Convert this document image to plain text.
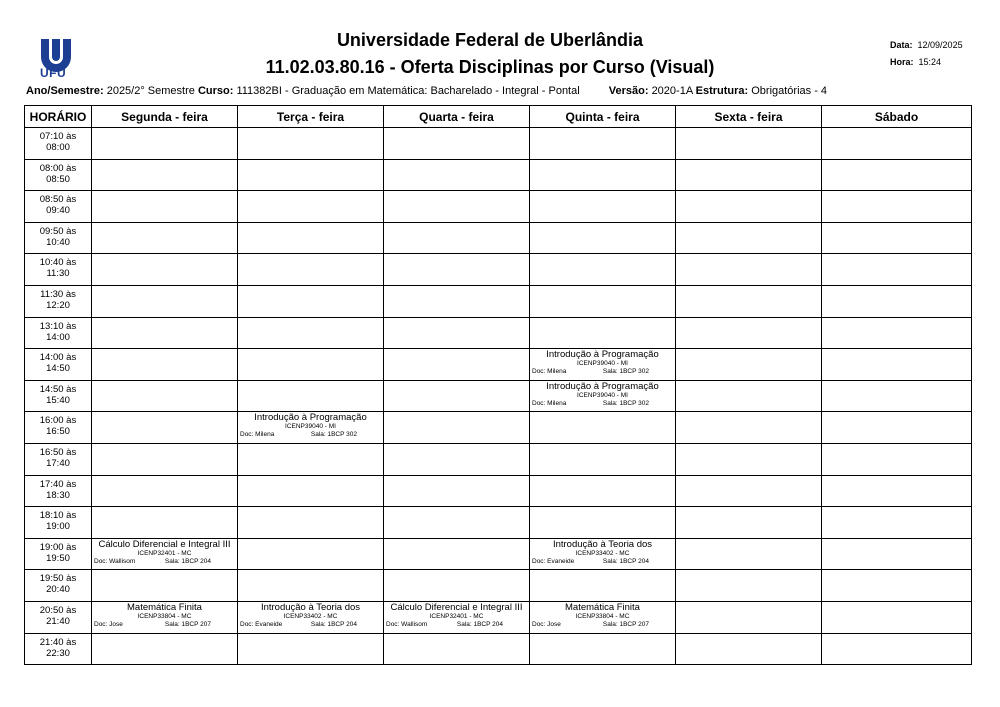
UFU
Universidade Federal de Uberlândia
11.02.03.80.16 - Oferta Disciplinas por Curso (Visual)
Data: 12/09/2025
Hora: 15:24
Ano/Semestre: 2025/2° Semestre Curso: 111382BI - Graduação em Matemática: Bacharelado - Integral - Pontal	Versão: 2020-1A Estrutura: Obrigatórias - 4
HORÁRIO	Segunda - feira	Terça - feira	Quarta - feira	Quinta - feira	Sexta - feira	Sábado

07:10 às
08:00						

08:00 às
08:50						

08:50 às
09:40						

09:50 às
10:40						

10:40 às
11:30						

11:30 às
12:20						

13:10 às
14:00						

14:00 às
14:50				Introdução à Programação
ICENP39040 - MI
Doc: Milena Sala: 1BCP 302		

14:50 às
15:40				Introdução à Programação
ICENP39040 - MI
Doc: Milena Sala: 1BCP 302		

16:00 às
16:50		Introdução à Programação
ICENP39040 - MI
Doc: Milena Sala: 1BCP 302				

16:50 às
17:40						

17:40 às
18:30						

18:10 às
19:00						

19:00 às
19:50	Cálculo Diferencial e Integral III
ICENP32401 - MC
Doc: Wallisom Sala: 1BCP 204			Introdução à Teoria dos
ICENP33402 - MC
Doc: Evaneide Sala: 1BCP 204		

19:50 às
20:40						

20:50 às
21:40	Matemática Finita
ICENP33804 - MC
Doc: Jose Sala: 1BCP 207	Introdução à Teoria dos
ICENP33402 - MC
Doc: Evaneide Sala: 1BCP 204	Cálculo Diferencial e Integral III
ICENP32401 - MC
Doc: Wallisom Sala: 1BCP 204	Matemática Finita
ICENP33804 - MC
Doc: Jose Sala: 1BCP 207		

21:40 às
22:30						
